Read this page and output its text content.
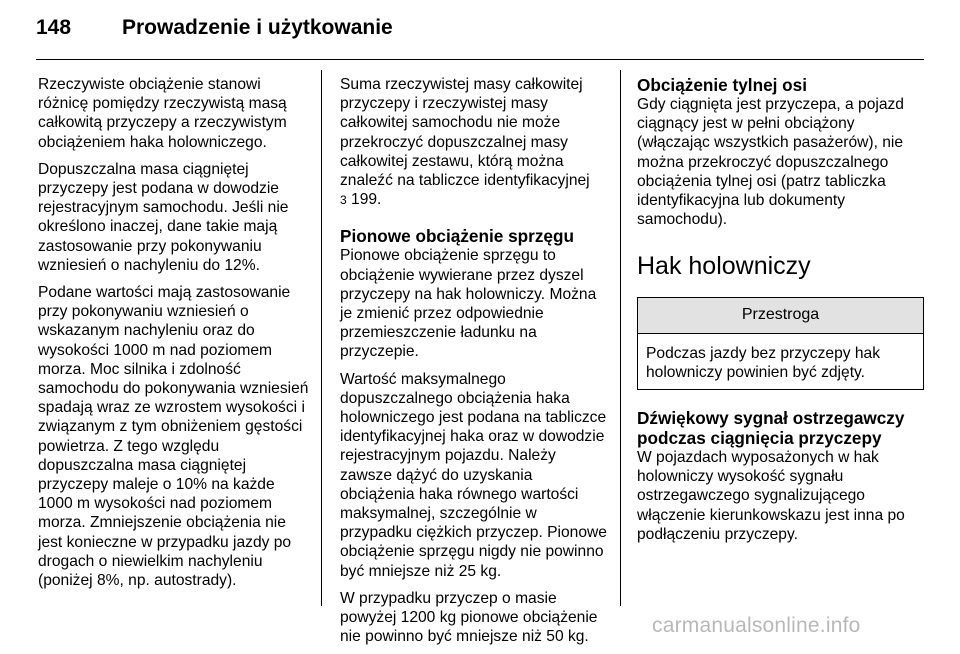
148 Prowadzenie i użytkowanie

Rzeczywiste obciążenie stanowi różnicę pomiędzy rzeczywistą masą całkowitą przyczepy a rzeczywistym obciążeniem haka holowniczego.

Dopuszczalna masa ciągniętej przyczepy jest podana w dowodzie rejestracyjnym samochodu. Jeśli nie określono inaczej, dane takie mają zastosowanie przy pokonywaniu wzniesień o nachyleniu do 12%.

Podane wartości mają zastosowanie przy pokonywaniu wzniesień o wskazanym nachyleniu oraz do wysokości 1000 m nad poziomem morza. Moc silnika i zdolność samochodu do pokonywania wzniesień spadają wraz ze wzrostem wysokości i związanym z tym obniżeniem gęstości powietrza. Z tego względu dopuszczalna masa ciągniętej przyczepy maleje o 10% na każde 1000 m wysokości nad poziomem morza. Zmniejszenie obciążenia nie jest konieczne w przypadku jazdy po drogach o niewielkim nachyleniu (poniżej 8%, np. autostrady).

Suma rzeczywistej masy całkowitej przyczepy i rzeczywistej masy całkowitej samochodu nie może przekroczyć dopuszczalnej masy całkowitej zestawu, którą można znaleźć na tabliczce identyfikacyjnej
3 199.

Pionowe obciążenie sprzęgu

Pionowe obciążenie sprzęgu to obciążenie wywierane przez dyszel przyczepy na hak holowniczy. Można je zmienić przez odpowiednie przemieszczenie ładunku na przyczepie.

Wartość maksymalnego dopuszczalnego obciążenia haka holowniczego jest podana na tabliczce identyfikacyjnej haka oraz w dowodzie rejestracyjnym pojazdu. Należy zawsze dążyć do uzyskania obciążenia haka równego wartości maksymalnej, szczególnie w przypadku ciężkich przyczep. Pionowe obciążenie sprzęgu nigdy nie powinno być mniejsze niż 25 kg.

W przypadku przyczep o masie powyżej 1200 kg pionowe obciążenie nie powinno być mniejsze niż 50 kg.

Obciążenie tylnej osi

Gdy ciągnięta jest przyczepa, a pojazd ciągnący jest w pełni obciążony (włączając wszystkich pasażerów), nie można przekroczyć dopuszczalnego obciążenia tylnej osi (patrz tabliczka identyfikacyjna lub dokumenty samochodu).

Hak holowniczy
Przestroga

Podczas jazdy bez przyczepy hak holowniczy powinien być zdjęty.

Dźwiękowy sygnał ostrzegawczy podczas ciągnięcia przyczepy

W pojazdach wyposażonych w hak holowniczy wysokość sygnału ostrzegawczego sygnalizującego włączenie kierunkowskazu jest inna po podłączeniu przyczepy.

carmanualsonline.info
